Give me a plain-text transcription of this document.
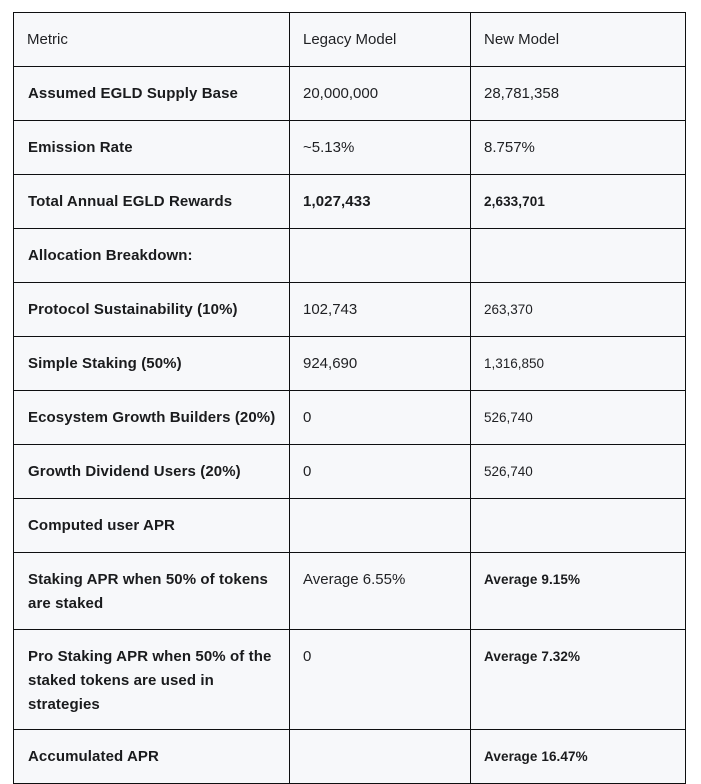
Metric	Legacy Model	New Model
Assumed EGLD Supply Base	20,000,000	28,781,358
Emission Rate	~5.13%	8.757%
Total Annual EGLD Rewards	1,027,433	2,633,701
Allocation Breakdown:		
Protocol Sustainability (10%)	102,743	263,370
Simple Staking (50%)	924,690	1,316,850
Ecosystem Growth Builders (20%)	0	526,740
Growth Dividend Users (20%)	0	526,740
Computed user APR		
Staking APR when 50% of tokens are staked	Average 6.55%	Average 9.15%
Pro Staking APR when 50% of the staked tokens are used in strategies	0	Average 7.32%
Accumulated APR		Average 16.47%
